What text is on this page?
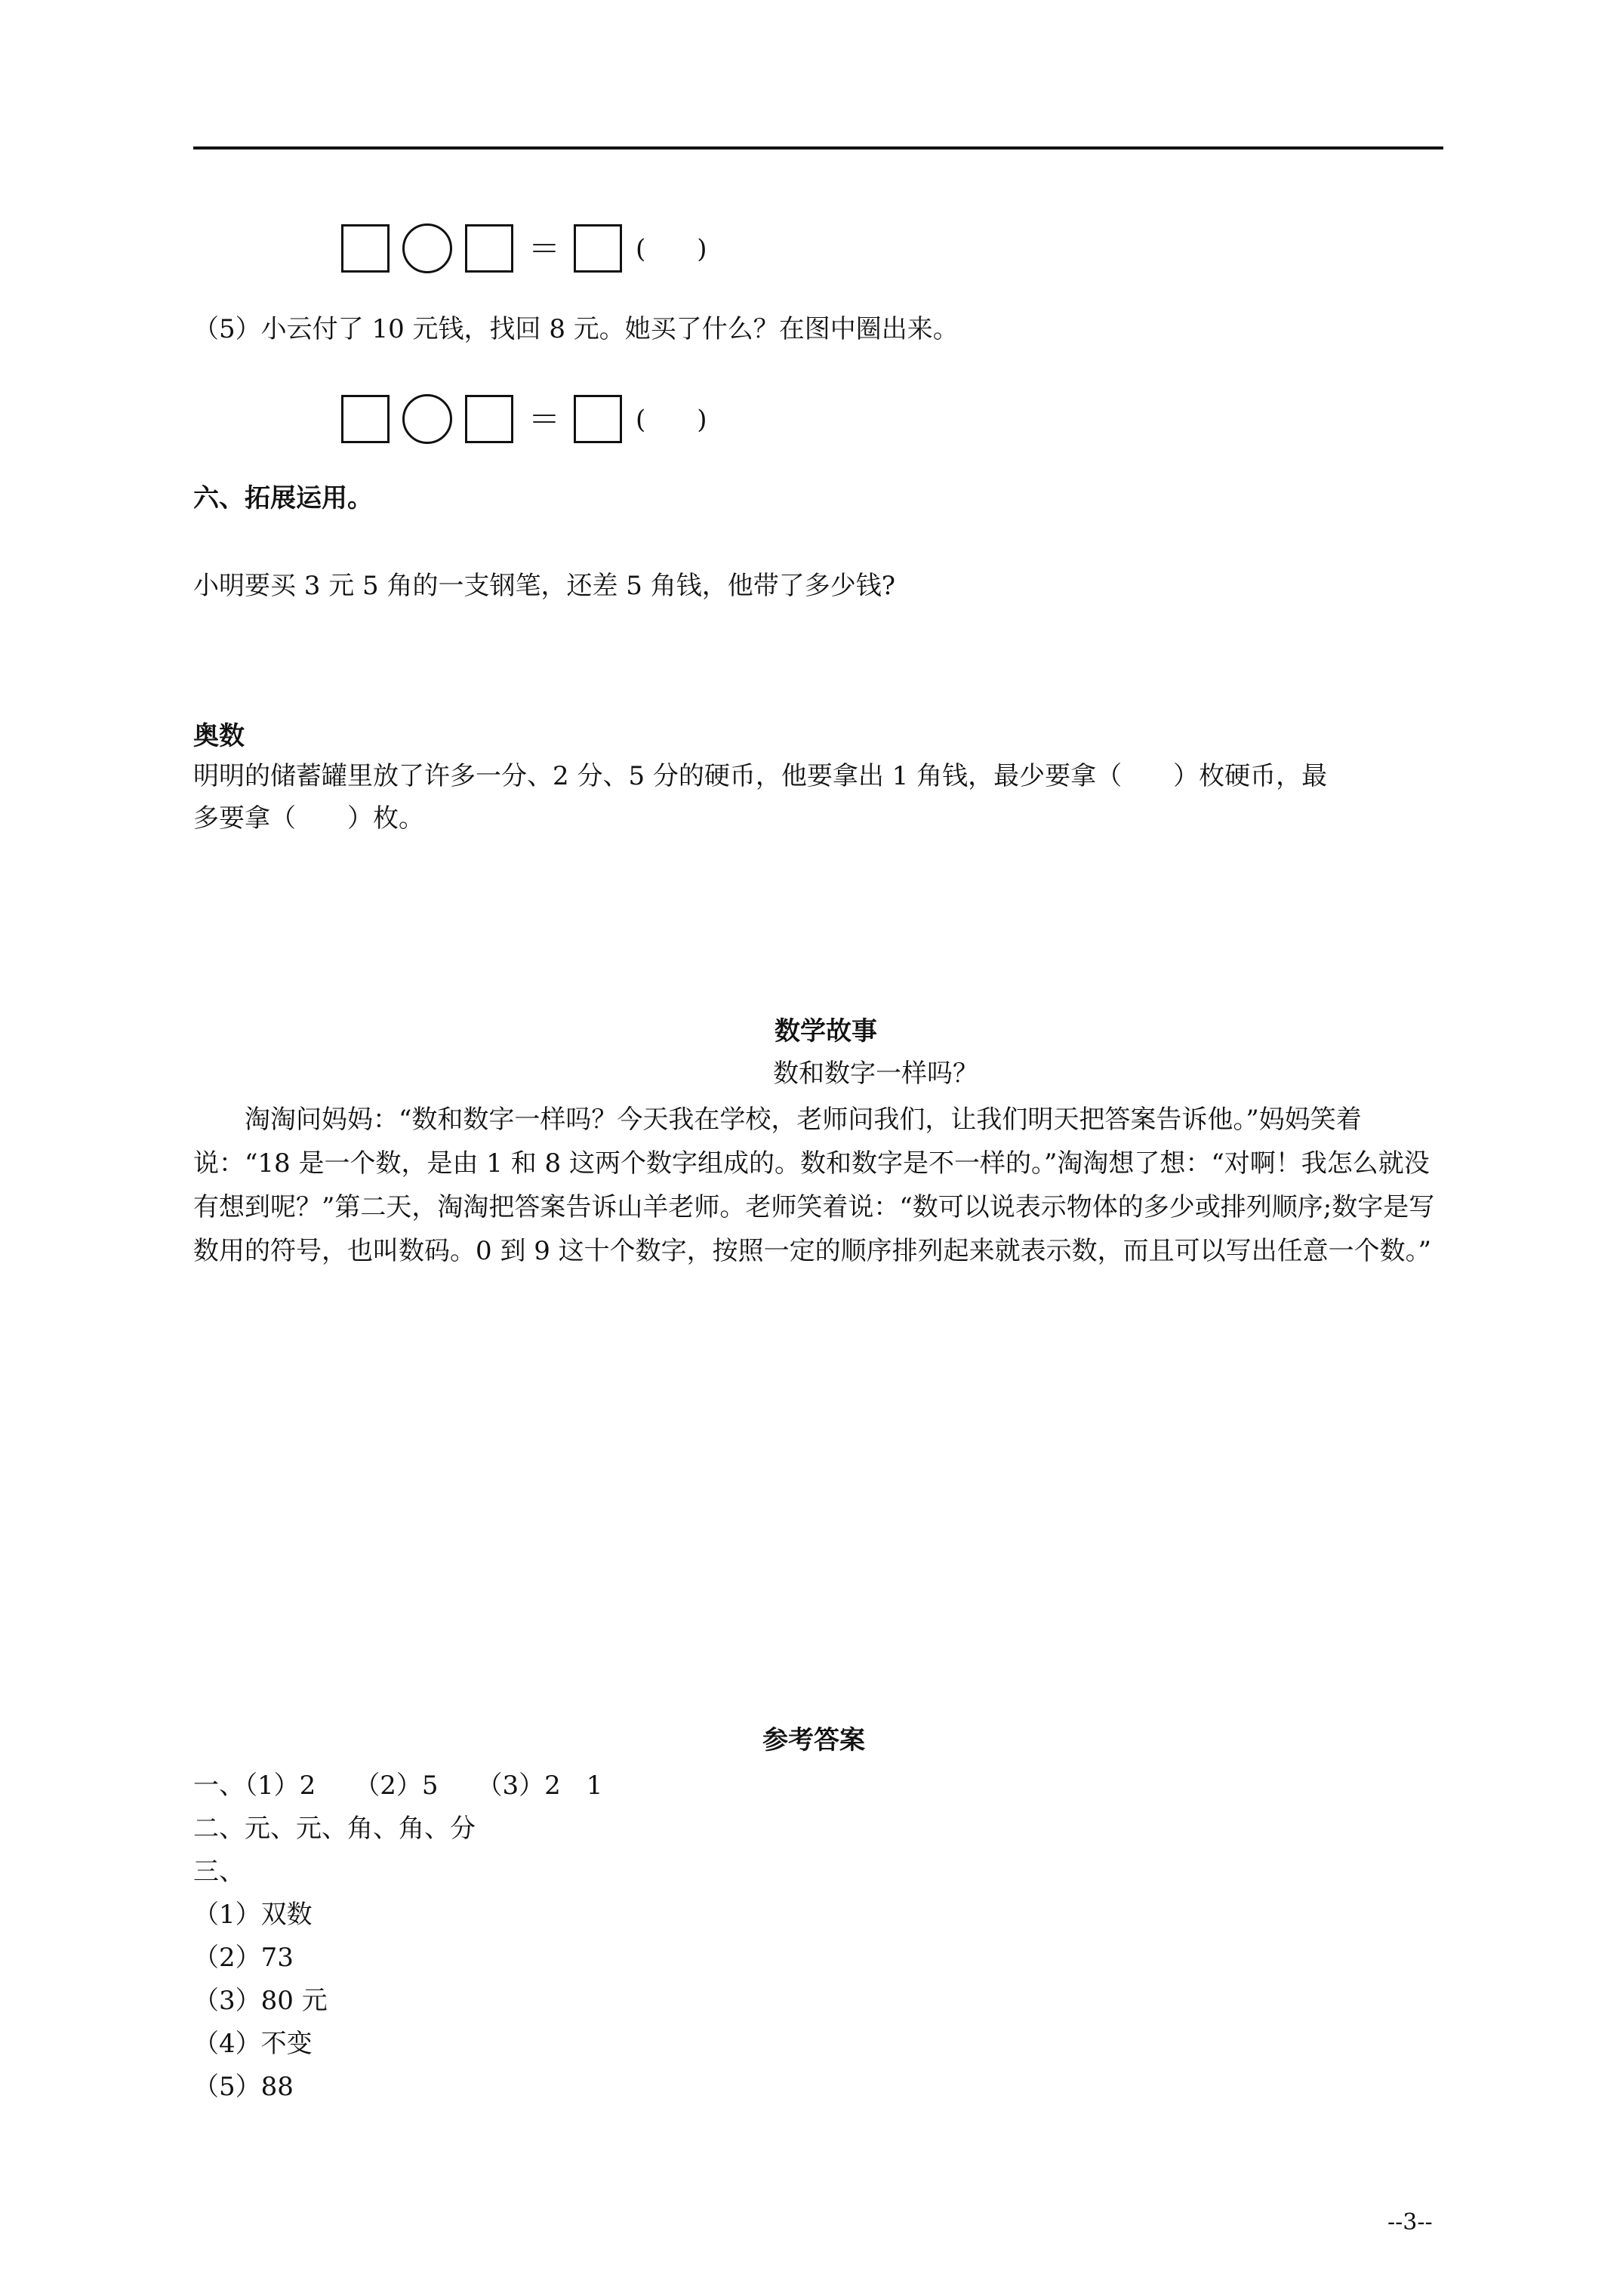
＝	(　　)
（5）小云付了 10 元钱，找回 8 元。她买了什么？在图中圈出来。
＝	(　　)
六、拓展运用。
小明要买 3 元 5 角的一支钢笔，还差 5 角钱，他带了多少钱?
奥数
明明的储蓄罐里放了许多一分、2 分、5 分的硬币，他要拿出 1 角钱，最少要拿（　　）枚硬币，最
多要拿（　　）枚。
数学故事
数和数字一样吗？
淘淘问妈妈：“数和数字一样吗？今天我在学校，老师问我们，让我们明天把答案告诉他。”妈妈笑着说：“18 是一个数，是由 1 和 8 这两个数字组成的。数和数字是不一样的。”淘淘想了想：“对啊！我怎么就没有想到呢？”第二天，淘淘把答案告诉山羊老师。老师笑着说：“数可以说表示物体的多少或排列顺序;数字是写数用的符号，也叫数码。0 到 9 这十个数字，按照一定的顺序排列起来就表示数，而且可以写出任意一个数。”
参考答案
一、（1）2　　（2）5　　（3）2　1
二、元、元、角、角、分
三、
（1）双数
（2）73
（3）80 元
（4）不变
（5）88
--3--
